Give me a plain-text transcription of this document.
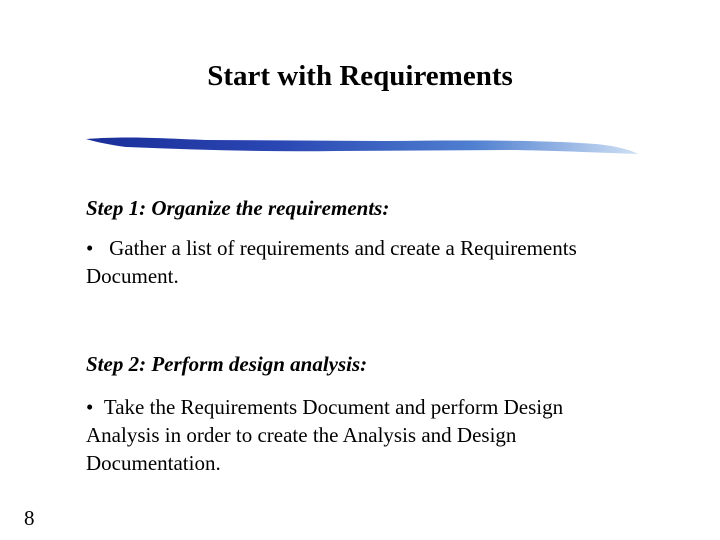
Start with Requirements
Step 1: Organize the requirements:
• Gather a list of requirements and create a Requirements Document.
Step 2: Perform design analysis:
• Take the Requirements Document and perform Design Analysis in order to create the Analysis and Design Documentation.
8
